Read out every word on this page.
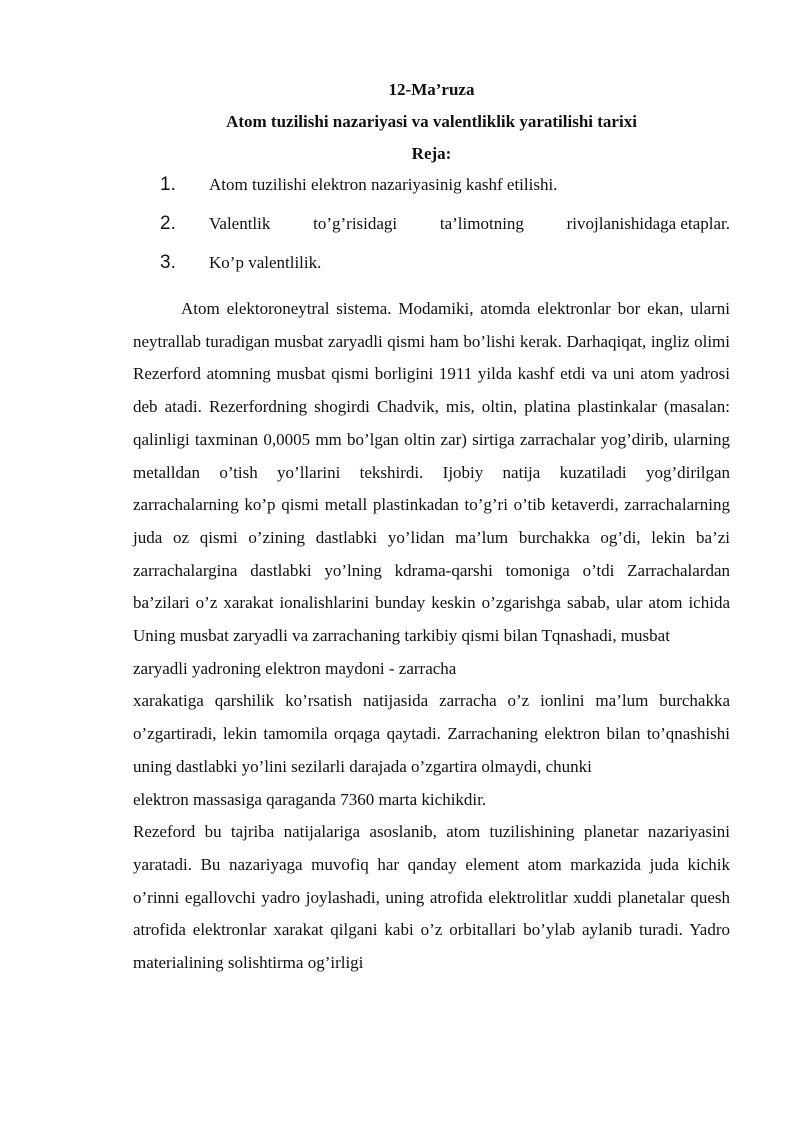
12-Ma’ruza
Atom tuzilishi nazariyasi va valentliklik yaratilishi tarixi
Reja:
1.	Atom tuzilishi elektron nazariyasinig kashf etilishi.
2.	Valentlik	to’g’risidagi	ta’limotning	rivojlanishidaga etaplar.
3.	Ko’p valentlilik.

Atom elektoroneytral sistema. Modamiki, atomda elektronlar bor ekan, ularni neytrallab turadigan musbat zaryadli qismi ham bo’lishi kerak. Darhaqiqat, ingliz olimi Rezerford atomning musbat qismi borligini 1911 yilda kashf etdi va uni atom yadrosi deb atadi. Rezerfordning shogirdi Chadvik, mis, oltin, platina plastinkalar (masalan: qalinligi taxminan 0,0005 mm bo’lgan oltin zar) sirtiga zarrachalar yog’dirib, ularning metalldan o’tish yo’llarini tekshirdi. Ijobiy natija kuzatiladi yog’dirilgan zarrachalarning ko’p qismi metall plastinkadan to’g’ri o’tib ketaverdi, zarrachalarning juda oz qismi o’zining dastlabki yo’lidan ma’lum burchakka og’di, lekin ba’zi zarrachalargina dastlabki yo’lning kdrama-qarshi tomoniga o’tdi Zarrachalardan ba’zilari o’z xarakat ionalishlarini bunday keskin o’zgarishga sabab, ular atom ichida Uning musbat zaryadli va zarrachaning tarkibiy qismi bilan Tqnashadi, musbat

zaryadli yadroning elektron maydoni - zarracha

xarakatiga qarshilik ko’rsatish natijasida zarracha o’z ionlini ma’lum burchakka o’zgartiradi, lekin tamomila orqaga qaytadi. Zarrachaning elektron bilan to’qnashishi uning dastlabki yo’lini sezilarli darajada o’zgartira olmaydi, chunki

elektron massasiga qaraganda 7360 marta kichikdir.

Rezeford bu tajriba natijalariga asoslanib, atom tuzilishining planetar nazariyasini yaratadi. Bu nazariyaga muvofiq har qanday element atom markazida juda kichik o’rinni egallovchi yadro joylashadi, uning atrofida elektrolitlar xuddi planetalar quesh atrofida elektronlar xarakat qilgani kabi o’z orbitallari bo’ylab aylanib turadi. Yadro materialining solishtirma og’irligi
